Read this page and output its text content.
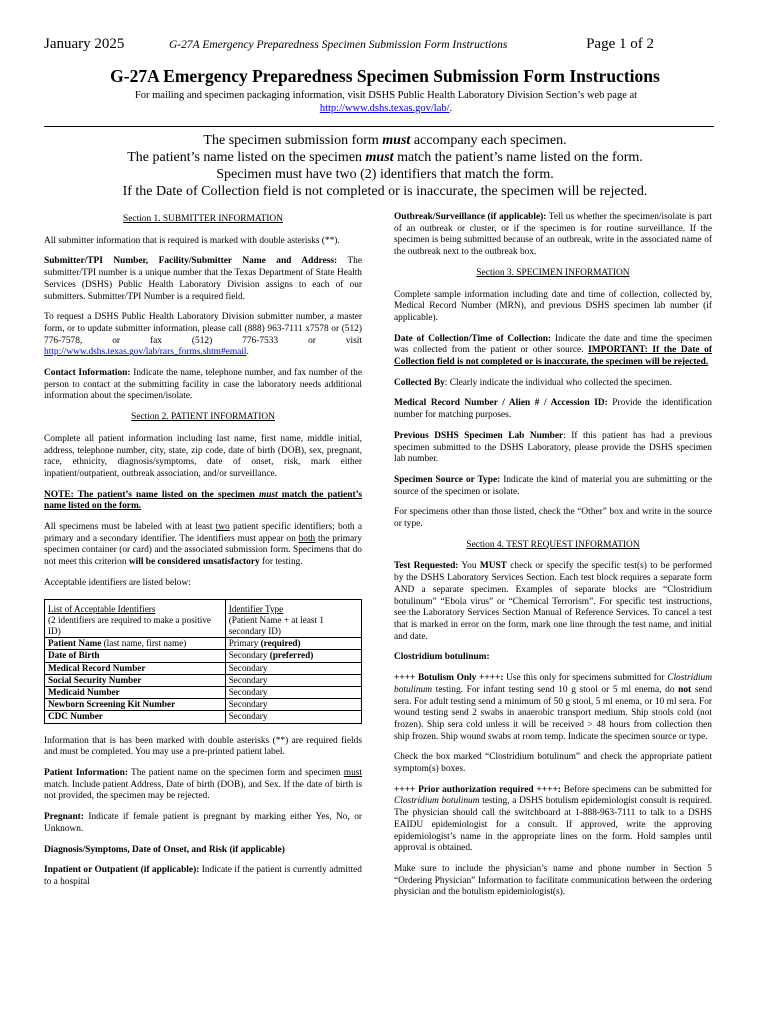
January 2025	G-27A Emergency Preparedness Specimen Submission Form Instructions	Page 1 of 2
G-27A Emergency Preparedness Specimen Submission Form Instructions
For mailing and specimen packaging information, visit DSHS Public Health Laboratory Division Section’s web page at http://www.dshs.texas.gov/lab/.
The specimen submission form must accompany each specimen.
The patient’s name listed on the specimen must match the patient’s name listed on the form.
Specimen must have two (2) identifiers that match the form.
If the Date of Collection field is not completed or is inaccurate, the specimen will be rejected.
Section 1. SUBMITTER INFORMATION

All submitter information that is required is marked with double asterisks (**).

Submitter/TPI Number, Facility/Submitter Name and Address: The submitter/TPI number is a unique number that the Texas Department of State Health Services (DSHS) Public Health Laboratory Division assigns to each of our submitters. Submitter/TPI Number is a required field.

To request a DSHS Public Health Laboratory Division submitter number, a master form, or to update submitter information, please call (888) 963-7111 x7578 or (512) 776-7578, or fax (512) 776-7533 or visit http://www.dshs.texas.gov/lab/rars_forms.shtm#email.

Contact Information: Indicate the name, telephone number, and fax number of the person to contact at the submitting facility in case the laboratory needs additional information about the specimen/isolate.

Section 2. PATIENT INFORMATION

Complete all patient information including last name, first name, middle initial, address, telephone number, city, state, zip code, date of birth (DOB), sex, pregnant, race, ethnicity, diagnosis/symptoms, date of onset, risk, mark either inpatient/outpatient, outbreak association, and/or surveillance.

NOTE: The patient’s name listed on the specimen must match the patient’s name listed on the form.

All specimens must be labeled with at least two patient specific identifiers; both a primary and a secondary identifier. The identifiers must appear on both the primary specimen container (or card) and the associated submission form. Specimens that do not meet this criterion will be considered unsatisfactory for testing.

Acceptable identifiers are listed below:

List of Acceptable Identifiers
(2 identifiers are required to make a positive ID)	Identifier Type
(Patient Name + at least 1 secondary ID)
Patient Name (last name, first name)	Primary (required)
Date of Birth	Secondary (preferred)
Medical Record Number	Secondary
Social Security Number	Secondary
Medicaid Number	Secondary
Newborn Screening Kit Number	Secondary
CDC Number	Secondary

Information that is has been marked with double asterisks (**) are required fields and must be completed. You may use a pre-printed patient label.

Patient Information: The patient name on the specimen form and specimen must match. Include patient Address, Date of birth (DOB), and Sex. If the date of birth is not provided, the specimen may be rejected.

Pregnant: Indicate if female patient is pregnant by marking either Yes, No, or Unknown.

Diagnosis/Symptoms, Date of Onset, and Risk (if applicable)

Inpatient or Outpatient (if applicable): Indicate if the patient is currently admitted to a hospital

Outbreak/Surveillance (if applicable): Tell us whether the specimen/isolate is part of an outbreak or cluster, or if the specimen is for routine surveillance. If the specimen is being submitted because of an outbreak, write in the associated name of the outbreak next to the outbreak box.

Section 3. SPECIMEN INFORMATION

Complete sample information including date and time of collection, collected by, Medical Record Number (MRN), and previous DSHS specimen lab number (if applicable).

Date of Collection/Time of Collection: Indicate the date and time the specimen was collected from the patient or other source. IMPORTANT: If the Date of Collection field is not completed or is inaccurate, the specimen will be rejected.

Collected By: Clearly indicate the individual who collected the specimen.

Medical Record Number / Alien # / Accession ID: Provide the identification number for matching purposes.

Previous DSHS Specimen Lab Number: If this patient has had a previous specimen submitted to the DSHS Laboratory, please provide the DSHS specimen lab number.

Specimen Source or Type: Indicate the kind of material you are submitting or the source of the specimen or isolate.

For specimens other than those listed, check the “Other” box and write in the source or type.

Section 4. TEST REQUEST INFORMATION

Test Requested: You MUST check or specify the specific test(s) to be performed by the DSHS Laboratory Services Section. Each test block requires a separate form AND a separate specimen. Examples of separate blocks are “Clostridium botulinum” “Ebola virus” or “Chemical Terrorism”. For specific test instructions, see the Laboratory Services Section Manual of Reference Services. To cancel a test that is marked in error on the form, mark one line through the test name, and initial and date.

Clostridium botulinum:

++++ Botulism Only ++++: Use this only for specimens submitted for Clostridium botulinum testing. For infant testing send 10 g stool or 5 ml enema, do not send sera. For adult testing send a minimum of 50 g stool, 5 ml enema, or 10 ml sera. For wound testing send 2 swabs in anaerobic transport medium. Ship stools cold (not frozen). Ship sera cold unless it will be received > 48 hours from collection then ship frozen. Ship wound swabs at room temp. Indicate the specimen source or type.

Check the box marked “Clostridium botulinum” and check the appropriate patient symptom(s) boxes.

++++ Prior authorization required ++++: Before specimens can be submitted for Clostridium botulinum testing, a DSHS botulism epidemiologist consult is required. The physician should call the switchboard at 1-888-963-7111 to talk to a DSHS EAIDU epidemiologist for a consult. If approved, write the approving epidemiologist’s name in the appropriate lines on the form. Hold samples until approval is obtained.

Make sure to include the physician’s name and phone number in Section 5 “Ordering Physician” Information to facilitate communication between the ordering physician and the botulism epidemiologist(s).
